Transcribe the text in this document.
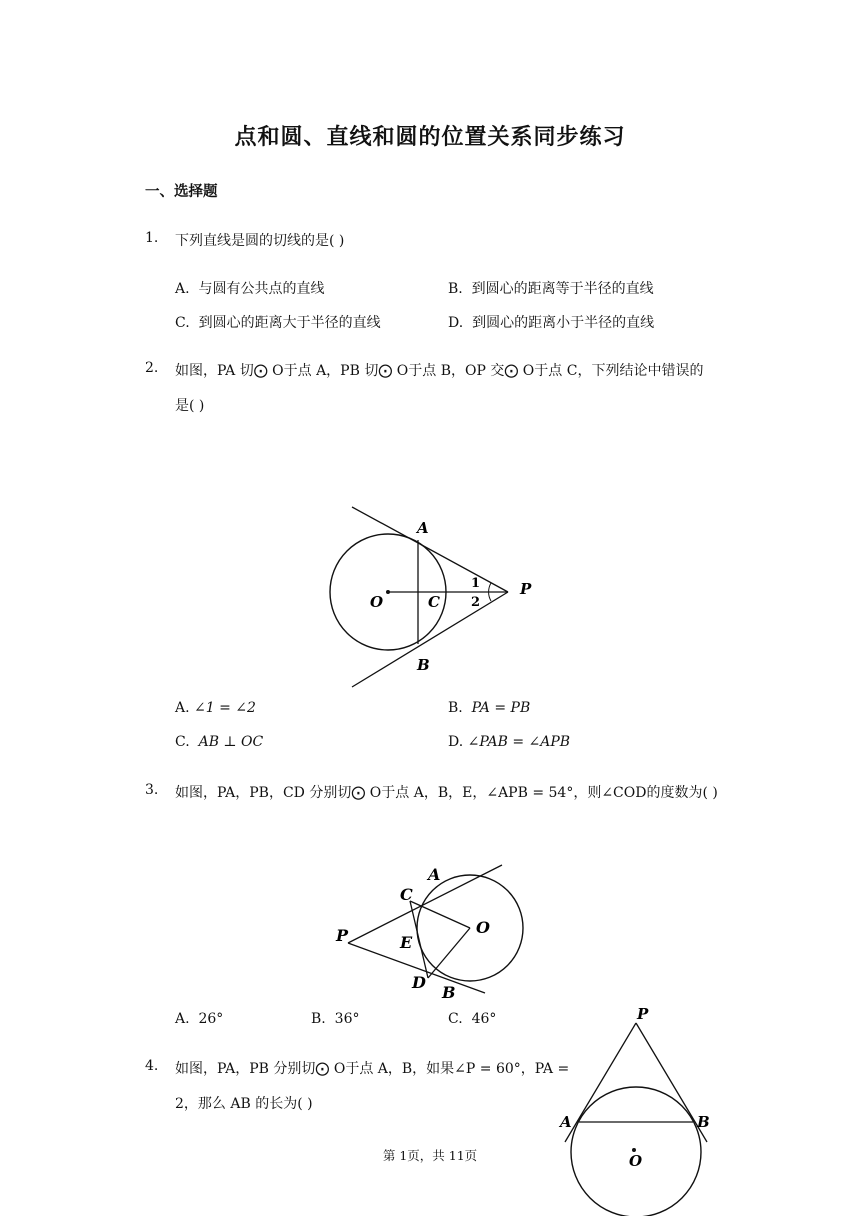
点和圆、直线和圆的位置关系同步练习
一、选择题
1. 下列直线是圆的切线的是( )
A. 与圆有公共点的直线	B. 到圆心的距离等于半径的直线
C. 到圆心的距离大于半径的直线	D. 到圆心的距离小于半径的直线
2. 如图，PA 切⨀ O于点 A，PB 切⨀ O于点 B，OP 交⨀ O于点 C，下列结论中错误的
是( )
A
B
C
O
P
1
2
A. ∠1 = ∠2	B. PA = PB
C. AB ⊥ OC	D. ∠PAB = ∠APB
3. 如图，PA，PB，CD 分别切⨀ O于点 A，B，E，∠APB = 54°，则∠COD的度数为( )
A
B
C
D
E
O
P
A. 26°	B. 36°	C. 46°
4. 如图，PA，PB 分别切⨀ O于点 A，B，如果∠P = 60°，PA =
2，那么 AB 的长为( )
P
A	B
O
第 1页，共 11页
